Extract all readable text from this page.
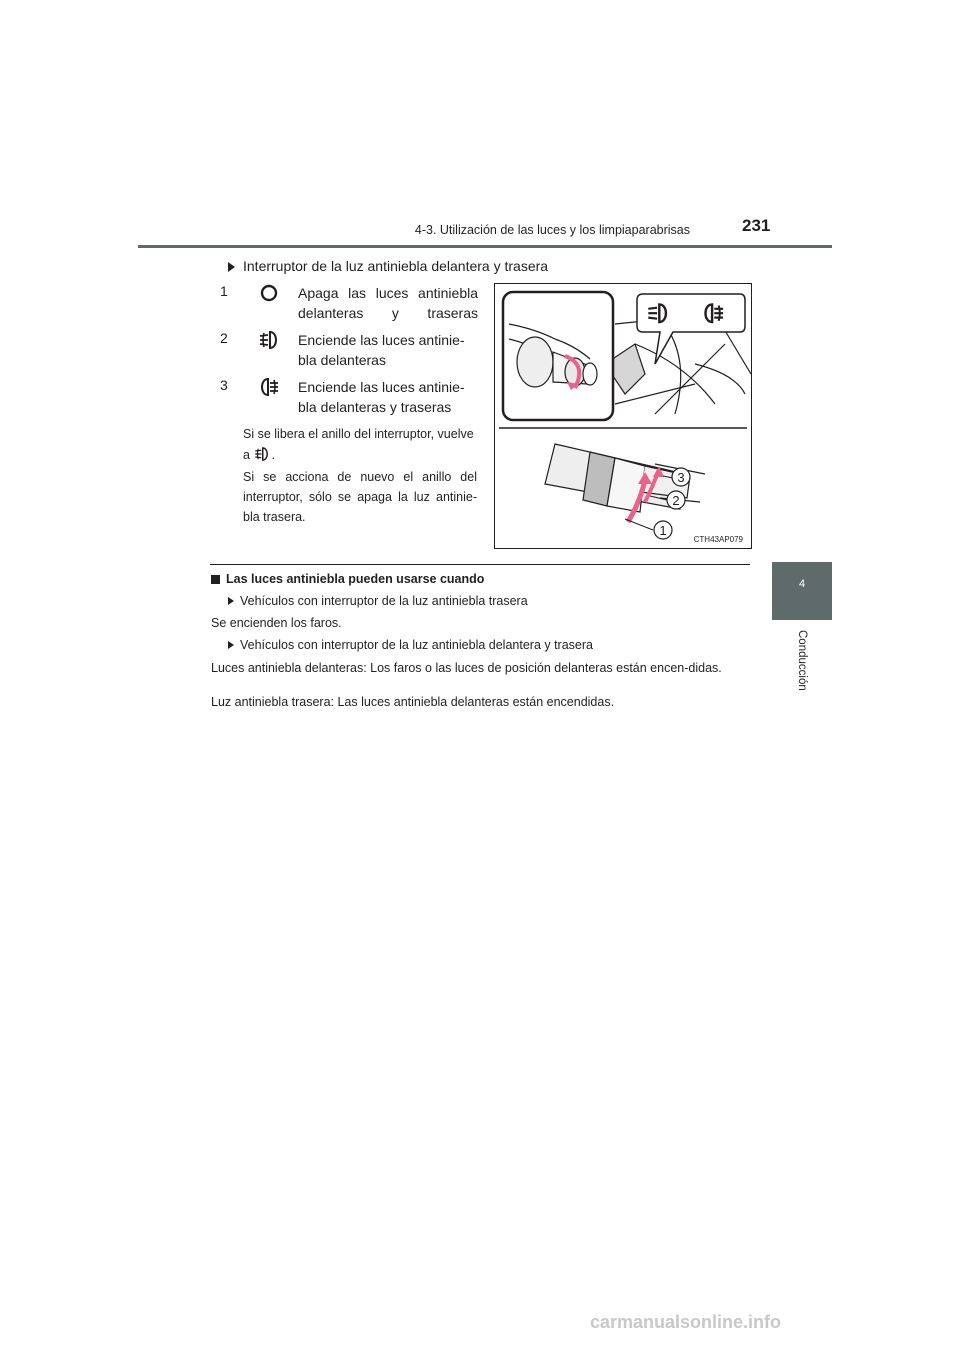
4-3. Utilización de las luces y los limpiaparabrisas	231
4
Conducción
Interruptor de la luz antiniebla delantera y trasera
1	Apaga las luces antiniebla delanteras y traseras
2	Enciende las luces antinie-bla delanteras
3	Enciende las luces antinie-bla delanteras y traseras
Si se libera el anillo del interruptor, vuelve a .
Si se acciona de nuevo el anillo del interruptor, sólo se apaga la luz antinie-bla trasera.
1
2
3
CTH43AP079
Las luces antiniebla pueden usarse cuando
Vehículos con interruptor de la luz antiniebla trasera
Se encienden los faros.
Vehículos con interruptor de la luz antiniebla delantera y trasera
Luces antiniebla delanteras: Los faros o las luces de posición delanteras están encen-didas.
Luz antiniebla trasera: Las luces antiniebla delanteras están encendidas.
carmanualsonline.info
